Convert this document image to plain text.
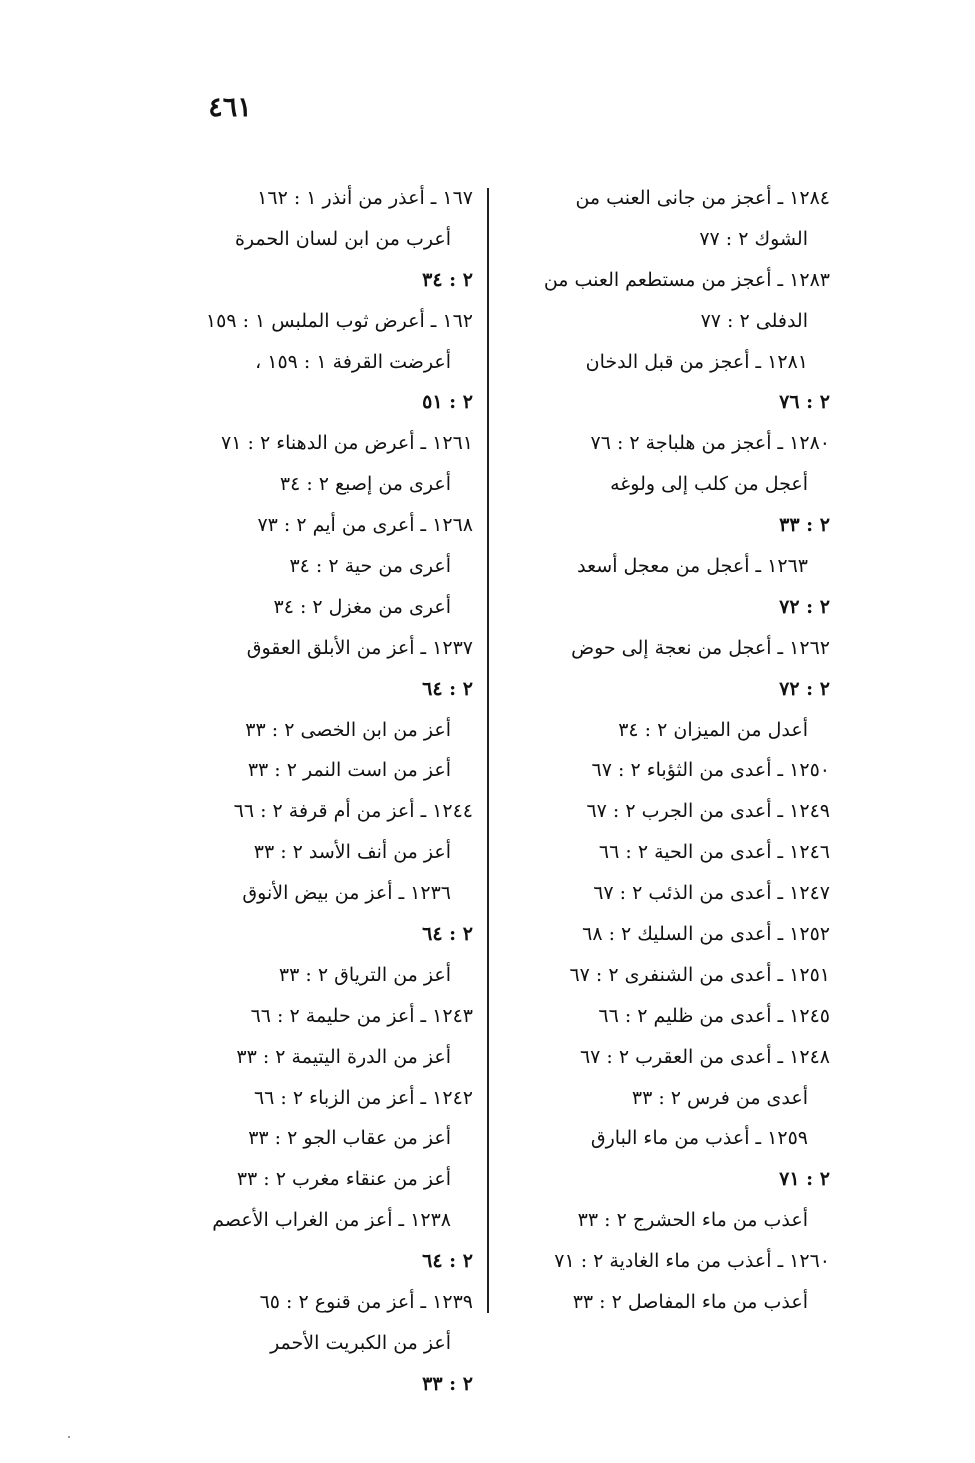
٤٦١
١٢٨٤ ـ أعجز من جانى العنب من
الشوك ٢ : ٧٧
١٢٨٣ ـ أعجز من مستطعم العنب من
الدفلى ٢ : ٧٧
١٢٨١ ـ أعجز من قبل الدخان
٢ : ٧٦
١٢٨٠ ـ أعجز من هلباجة ٢ : ٧٦
أعجل من كلب إلى ولوغه
٢ : ٣٣
١٢٦٣ ـ أعجل من معجل أسعد
٢ : ٧٢
١٢٦٢ ـ أعجل من نعجة إلى حوض
٢ : ٧٢
أعدل من الميزان ٢ : ٣٤
١٢٥٠ ـ أعدى من الثؤباء ٢ : ٦٧
١٢٤٩ ـ أعدى من الجرب ٢ : ٦٧
١٢٤٦ ـ أعدى من الحية ٢ : ٦٦
١٢٤٧ ـ أعدى من الذئب ٢ : ٦٧
١٢٥٢ ـ أعدى من السليك ٢ : ٦٨
١٢٥١ ـ أعدى من الشنفرى ٢ : ٦٧
١٢٤٥ ـ أعدى من ظليم ٢ : ٦٦
١٢٤٨ ـ أعدى من العقرب ٢ : ٦٧
أعدى من فرس ٢ : ٣٣
١٢٥٩ ـ أعذب من ماء البارق
٢ : ٧١
أعذب من ماء الحشرج ٢ : ٣٣
١٢٦٠ ـ أعذب من ماء الغادية ٢ : ٧١
أعذب من ماء المفاصل ٢ : ٣٣
١٦٧ ـ أعذر من أنذر ١ : ١٦٢
أعرب من ابن لسان الحمرة
٢ : ٣٤
١٦٢ ـ أعرض ثوب الملبس ١ : ١٥٩
أعرضت القرفة ١ : ١٥٩ ،
٢ : ٥١
١٢٦١ ـ أعرض من الدهناء ٢ : ٧١
أعرى من إصبع ٢ : ٣٤
١٢٦٨ ـ أعرى من أيم ٢ : ٧٣
أعرى من حية ٢ : ٣٤
أعرى من مغزل ٢ : ٣٤
١٢٣٧ ـ أعز من الأبلق العقوق
٢ : ٦٤
أعز من ابن الخصى ٢ : ٣٣
أعز من است النمر ٢ : ٣٣
١٢٤٤ ـ أعز من أم قرفة ٢ : ٦٦
أعز من أنف الأسد ٢ : ٣٣
١٢٣٦ ـ أعز من بيض الأنوق
٢ : ٦٤
أعز من الترياق ٢ : ٣٣
١٢٤٣ ـ أعز من حليمة ٢ : ٦٦
أعز من الدرة اليتيمة ٢ : ٣٣
١٢٤٢ ـ أعز من الزباء ٢ : ٦٦
أعز من عقاب الجو ٢ : ٣٣
أعز من عنقاء مغرب ٢ : ٣٣
١٢٣٨ ـ أعز من الغراب الأعصم
٢ : ٦٤
١٢٣٩ ـ أعز من قنوع ٢ : ٦٥
أعز من الكبريت الأحمر
٢ : ٣٣
